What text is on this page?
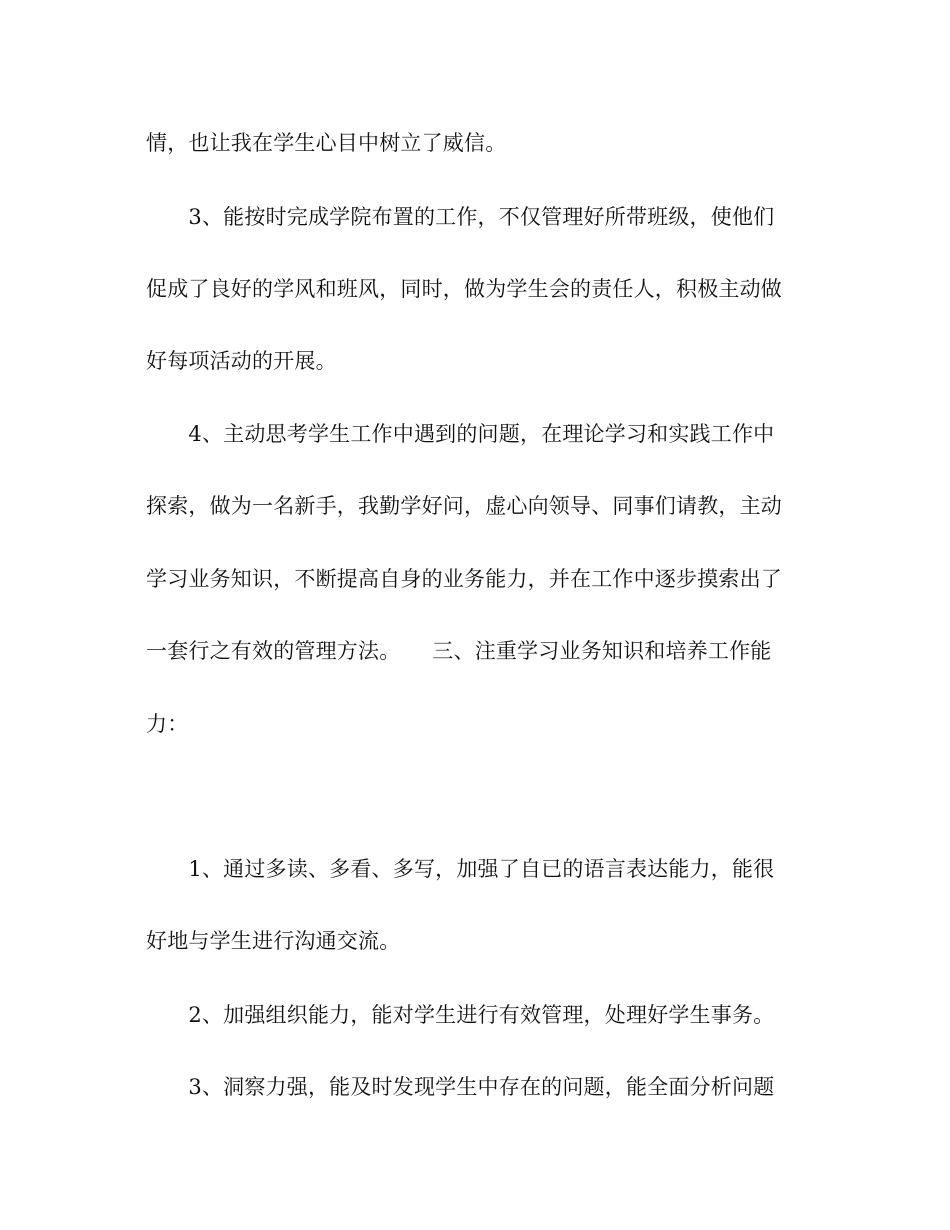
情，也让我在学生心目中树立了威信。
　　3、能按时完成学院布置的工作，不仅管理好所带班级，使他们
促成了良好的学风和班风，同时，做为学生会的责任人，积极主动做
好每项活动的开展。
　　4、主动思考学生工作中遇到的问题，在理论学习和实践工作中
探索，做为一名新手，我勤学好问，虚心向领导、同事们请教，主动
学习业务知识，不断提高自身的业务能力，并在工作中逐步摸索出了
一套行之有效的管理方法。　　三、注重学习业务知识和培养工作能
力：
　　1、通过多读、多看、多写，加强了自已的语言表达能力，能很
好地与学生进行沟通交流。
　　2、加强组织能力，能对学生进行有效管理，处理好学生事务。
　　3、洞察力强，能及时发现学生中存在的问题，能全面分析问题
